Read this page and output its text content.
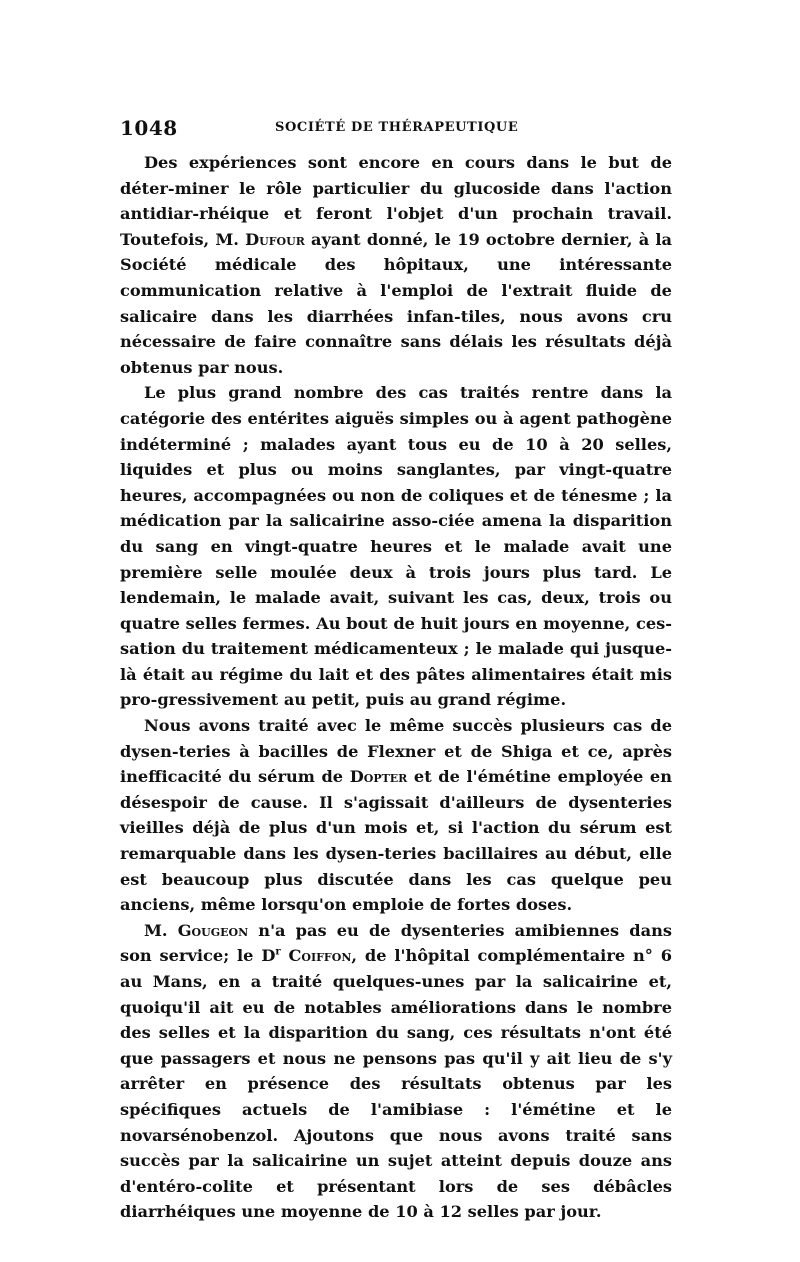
1048	SOCIÉTÉ DE THÉRAPEUTIQUE

Des expériences sont encore en cours dans le but de déter-miner le rôle particulier du glucoside dans l'action antidiar-rhéique et feront l'objet d'un prochain travail. Toutefois, M. Dufour ayant donné, le 19 octobre dernier, à la Société médicale des hôpitaux, une intéressante communication relative à l'emploi de l'extrait fluide de salicaire dans les diarrhées infan-tiles, nous avons cru nécessaire de faire connaître sans délais les résultats déjà obtenus par nous.

Le plus grand nombre des cas traités rentre dans la catégorie des entérites aiguës simples ou à agent pathogène indéterminé ; malades ayant tous eu de 10 à 20 selles, liquides et plus ou moins sanglantes, par vingt-quatre heures, accompagnées ou non de coliques et de ténesme ; la médication par la salicairine asso-ciée amena la disparition du sang en vingt-quatre heures et le malade avait une première selle moulée deux à trois jours plus tard. Le lendemain, le malade avait, suivant les cas, deux, trois ou quatre selles fermes. Au bout de huit jours en moyenne, ces-sation du traitement médicamenteux ; le malade qui jusque-là était au régime du lait et des pâtes alimentaires était mis pro-gressivement au petit, puis au grand régime.

Nous avons traité avec le même succès plusieurs cas de dysen-teries à bacilles de Flexner et de Shiga et ce, après inefficacité du sérum de Dopter et de l'émétine employée en désespoir de cause. Il s'agissait d'ailleurs de dysenteries vieilles déjà de plus d'un mois et, si l'action du sérum est remarquable dans les dysen-teries bacillaires au début, elle est beaucoup plus discutée dans les cas quelque peu anciens, même lorsqu'on emploie de fortes doses.

M. Gougeon n'a pas eu de dysenteries amibiennes dans son service; le $D^r$ Coiffon, de l'hôpital complémentaire n° 6 au Mans, en a traité quelques-unes par la salicairine et, quoiqu'il ait eu de notables améliorations dans le nombre des selles et la disparition du sang, ces résultats n'ont été que passagers et nous ne pensons pas qu'il y ait lieu de s'y arrêter en présence des résultats obtenus par les spécifiques actuels de l'amibiase : l'émétine et le novarsénobenzol. Ajoutons que nous avons traité sans succès par la salicairine un sujet atteint depuis douze ans d'entéro-colite et présentant lors de ses débâcles diarrhéiques une moyenne de 10 à 12 selles par jour.
